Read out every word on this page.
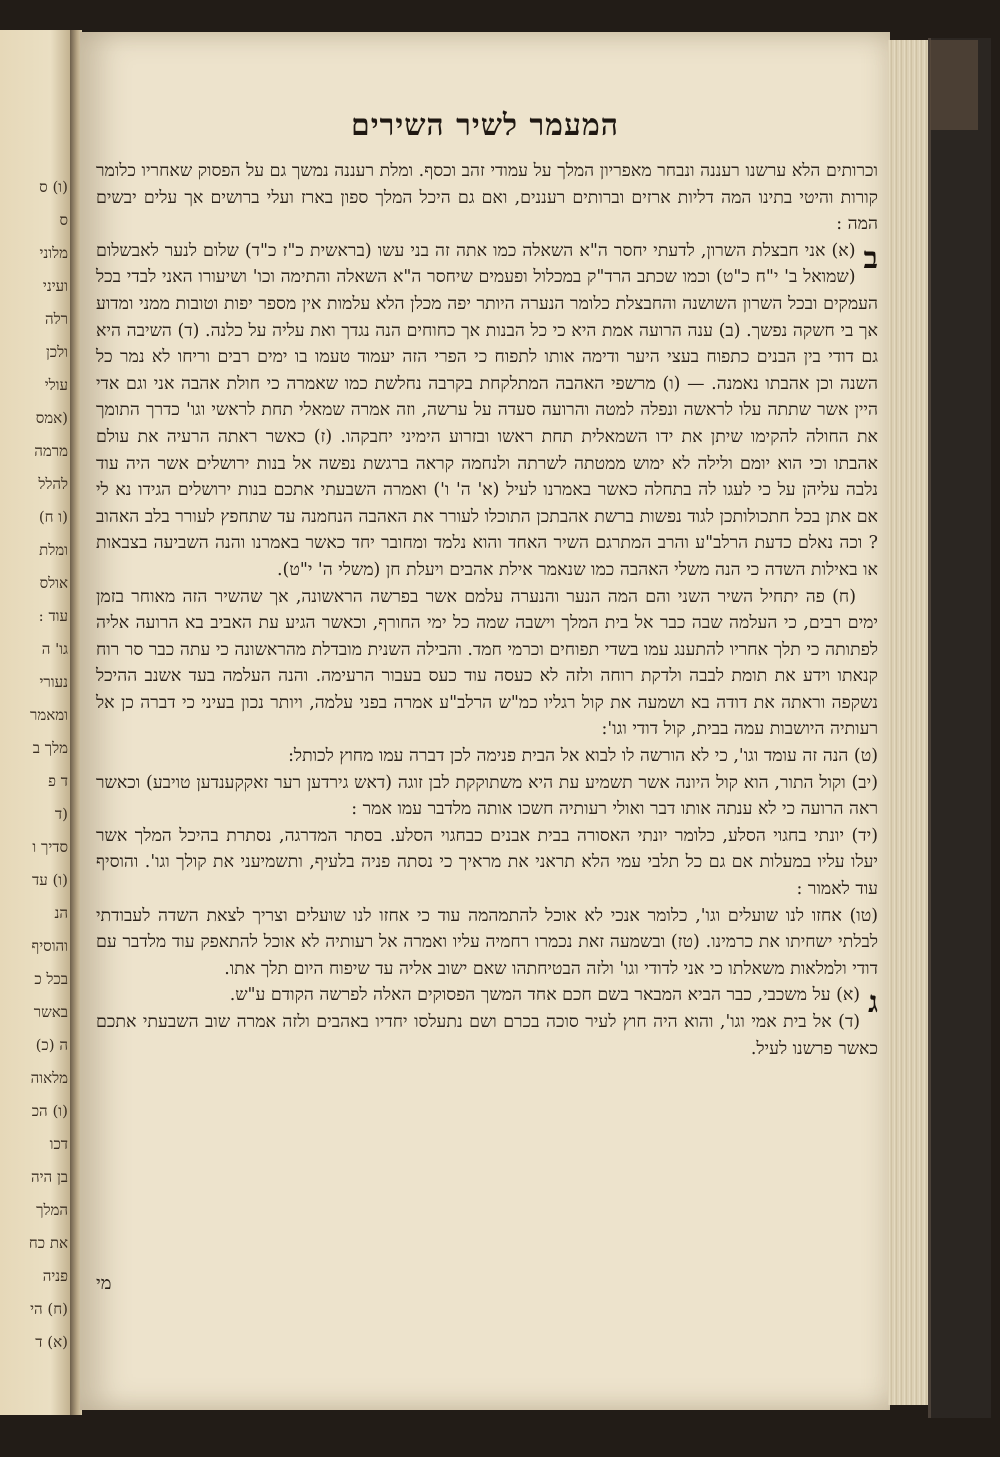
(ו) ס
ס
מלוני
ועיני
רלה
ולכן
עולי
(אמס
מרמה
להלל
(ו ח)
ומלת
אולס
עוד :
גו' ה
נעורי
ומאמר
מלך ב
ד פ
(ד
סדיך ו
(ו) עד
הנ
והוסיף
בכל כ
באשר
ה (כ)
מלאוה
(ו) הכ
דכו
בן היה
המלך
את כח
פניה
(ח) הי
(א) ד
המעמר לשיר השירים

וכרותים הלא ערשנו רעננה ונבחר מאפריון המלך על עמודי זהב וכסף. ומלת רעננה נמשך גם על הפסוק שאחריו כלומר קורות והיטי בתינו המה דליות ארזים וברותים רעננים, ואם גם היכל המלך ספון בארז ועלי ברושים אך עלים יבשים המה :

ב
(א) אני חבצלת השרון, לדעתי יחסר ה"א השאלה כמו אתה זה בני עשו (בראשית כ"ז כ"ד) שלום לנער לאבשלום (שמואל ב' י"ח כ"ט) וכמו שכתב הרד"ק במכלול ופעמים שיחסר ה"א השאלה והתימה וכו' ושיעורו האני לבדי בכל העמקים ובכל השרון השושנה והחבצלת כלומר הנערה היותר יפה מכלן הלא עלמות אין מספר יפות וטובות ממני ומדוע אך בי חשקה נפשך. (ב) ענה הרועה אמת היא כי כל הבנות אך כחוחים הנה נגדך ואת עליה על כלנה. (ד) השיבה היא גם דודי בין הבנים כתפוח בעצי היער ודימה אותו לתפוח כי הפרי הזה יעמוד טעמו בו ימים רבים וריחו לא נמר כל השנה וכן אהבתו נאמנה. — (ו) מרשפי האהבה המתלקחת בקרבה נחלשת כמו שאמרה כי חולת אהבה אני וגם אדי היין אשר שתתה עלו לראשה ונפלה למטה והרועה סעדה על ערשה, וזה אמרה שמאלי תחת לראשי וגו' כדרך התומך את החולה להקימו שיתן את ידו השמאלית תחת ראשו ובזרוע הימיני יחבקהו. (ז) כאשר ראתה הרעיה את עולם אהבתו וכי הוא יומם ולילה לא ימוש ממטתה לשרתה ולנחמה קראה ברגשת נפשה אל בנות ירושלים אשר היה עוד נלבה עליהן על כי לעגו לה בתחלה כאשר באמרנו לעיל (א' ה' ו') ואמרה השבעתי אתכם בנות ירושלים הגידו נא לי אם אתן בכל חתכולותכן לגוד נפשות ברשת אהבתכן התוכלו לעורר את האהבה הנחמנה עד שתחפץ לעורר בלב האהוב ? וכה נאלם כדעת הרלב"ע והרב המתרגם השיר האחד והוא נלמד ומחובר יחד כאשר באמרנו והנה השביעה בצבאות או באילות השדה כי הנה משלי האהבה כמו שנאמר אילת אהבים ויעלת חן (משלי ה' י"ט).

(ח) פה יתחיל השיר השני והם המה הנער והנערה עלמם אשר בפרשה הראשונה, אך שהשיר הזה מאוחר בזמן ימים רבים, כי העלמה שבה כבר אל בית המלך וישבה שמה כל ימי החורף, וכאשר הגיע עת האביב בא הרועה אליה לפתותה כי תלך אחריו להתענג עמו בשדי תפוחים וכרמי חמד. והבילה השנית מובדלת מהראשונה כי עתה כבר סר רוח קנאתו וידע את תומת לבבה ולדקת רוחה ולזה לא כעסה עוד כעס בעבור הרעימה. והנה העלמה בעד אשנב ההיכל נשקפה וראתה את דודה בא ושמעה את קול רגליו כמ"ש הרלב"ע אמרה בפני עלמה, ויותר נכון בעיני כי דברה כן אל רעותיה היושבות עמה בבית, קול דודי וגו':

(ט) הנה זה עומד וגו', כי לא הורשה לו לבוא אל הבית פנימה לכן דברה עמו מחוץ לכותל:

(יב) וקול התור, הוא קול היונה אשר תשמיע עת היא משתוקקת לבן זוגה (דאש גירדען רער זאקקענדען טויבע) וכאשר ראה הרועה כי לא ענתה אותו דבר ואולי רעותיה חשכו אותה מלדבר עמו אמר :

(יד) יונתי בחגוי הסלע, כלומר יונתי האסורה בבית אבנים כבחגוי הסלע. בסתר המדרגה, נסתרת בהיכל המלך אשר יעלו עליו במעלות אם גם כל תלבי עמי הלא תראני את מראיך כי נסתה פניה בלעיף, ותשמיעני את קולך וגו'. והוסיף עוד לאמור :

(טו) אחזו לנו שועלים וגו', כלומר אנכי לא אוכל להתמהמה עוד כי אחזו לנו שועלים וצריך לצאת השדה לעבודתי לבלתי ישחיתו את כרמינו. (טז) ובשמעה זאת נכמרו רחמיה עליו ואמרה אל רעותיה לא אוכל להתאפק עוד מלדבר עם דודי ולמלאות משאלתו כי אני לדודי וגו' ולזה הבטיחתהו שאם ישוב אליה עד שיפוח היום תלך אתו.

ג
(א) על משכבי, כבר הביא המבאר בשם חכם אחד המשך הפסוקים האלה לפרשה הקודם ע"ש.

(ד) אל בית אמי וגו', והוא היה חוץ לעיר סוכה בכרם ושם נתעלסו יחדיו באהבים ולזה אמרה שוב השבעתי אתכם כאשר פרשנו לעיל.

מי
